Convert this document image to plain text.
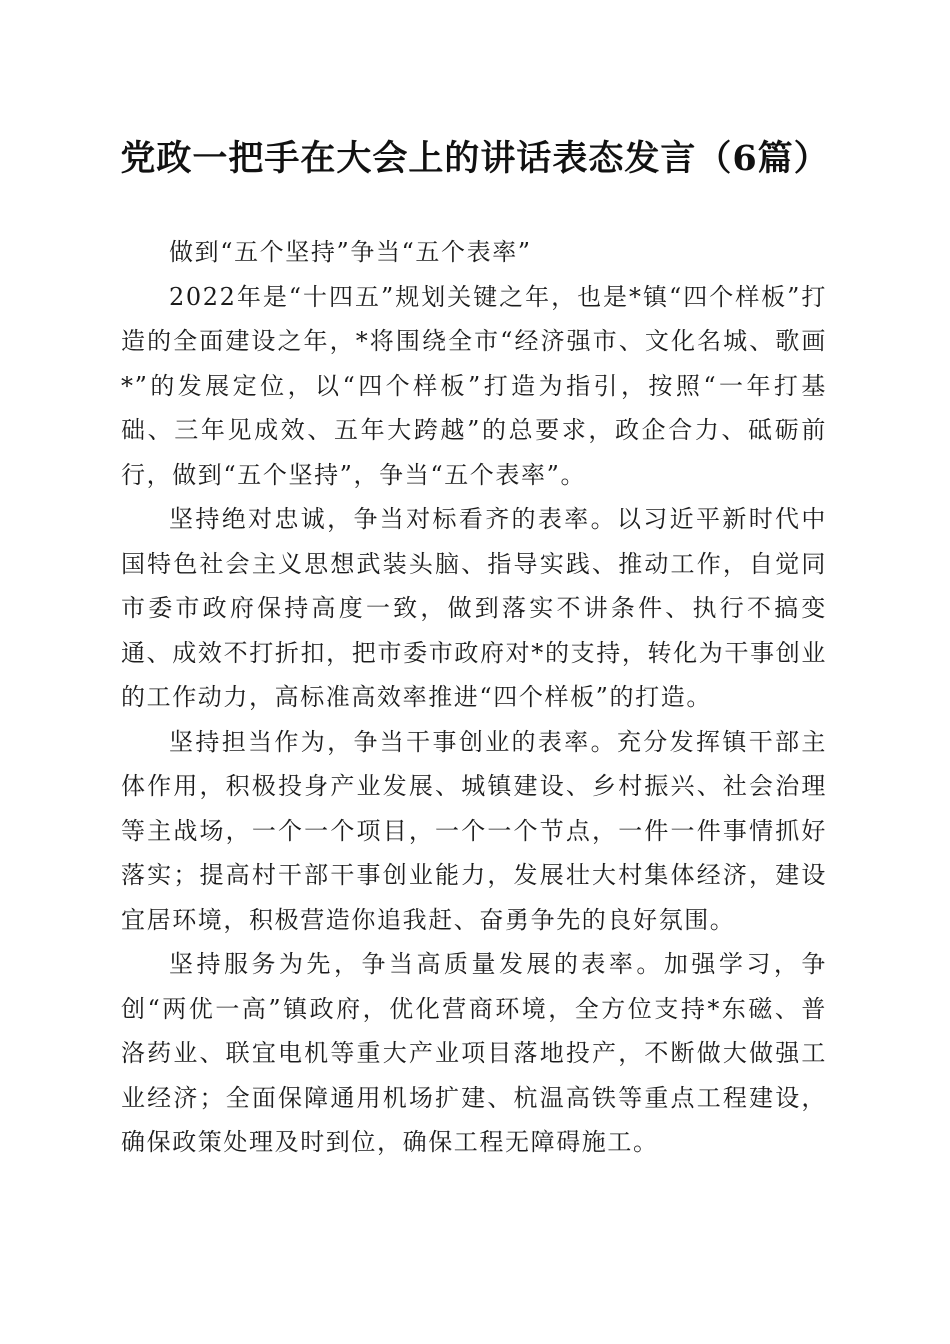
党政一把手在大会上的讲话表态发言（6篇）

做到“五个坚持”争当“五个表率”

2022年是“十四五”规划关键之年，也是*镇“四个样板”打造的全面建设之年，*将围绕全市“经济强市、文化名城、歌画*”的发展定位，以“四个样板”打造为指引，按照“一年打基础、三年见成效、五年大跨越”的总要求，政企合力、砥砺前行，做到“五个坚持”，争当“五个表率”。

坚持绝对忠诚，争当对标看齐的表率。以习近平新时代中国特色社会主义思想武装头脑、指导实践、推动工作，自觉同市委市政府保持高度一致，做到落实不讲条件、执行不搞变通、成效不打折扣，把市委市政府对*的支持，转化为干事创业的工作动力，高标准高效率推进“四个样板”的打造。

坚持担当作为，争当干事创业的表率。充分发挥镇干部主体作用，积极投身产业发展、城镇建设、乡村振兴、社会治理等主战场，一个一个项目，一个一个节点，一件一件事情抓好落实；提高村干部干事创业能力，发展壮大村集体经济，建设宜居环境，积极营造你追我赶、奋勇争先的良好氛围。

坚持服务为先，争当高质量发展的表率。加强学习，争创“两优一高”镇政府，优化营商环境，全方位支持*东磁、普洛药业、联宜电机等重大产业项目落地投产，不断做大做强工业经济；全面保障通用机场扩建、杭温高铁等重点工程建设，确保政策处理及时到位，确保工程无障碍施工。
